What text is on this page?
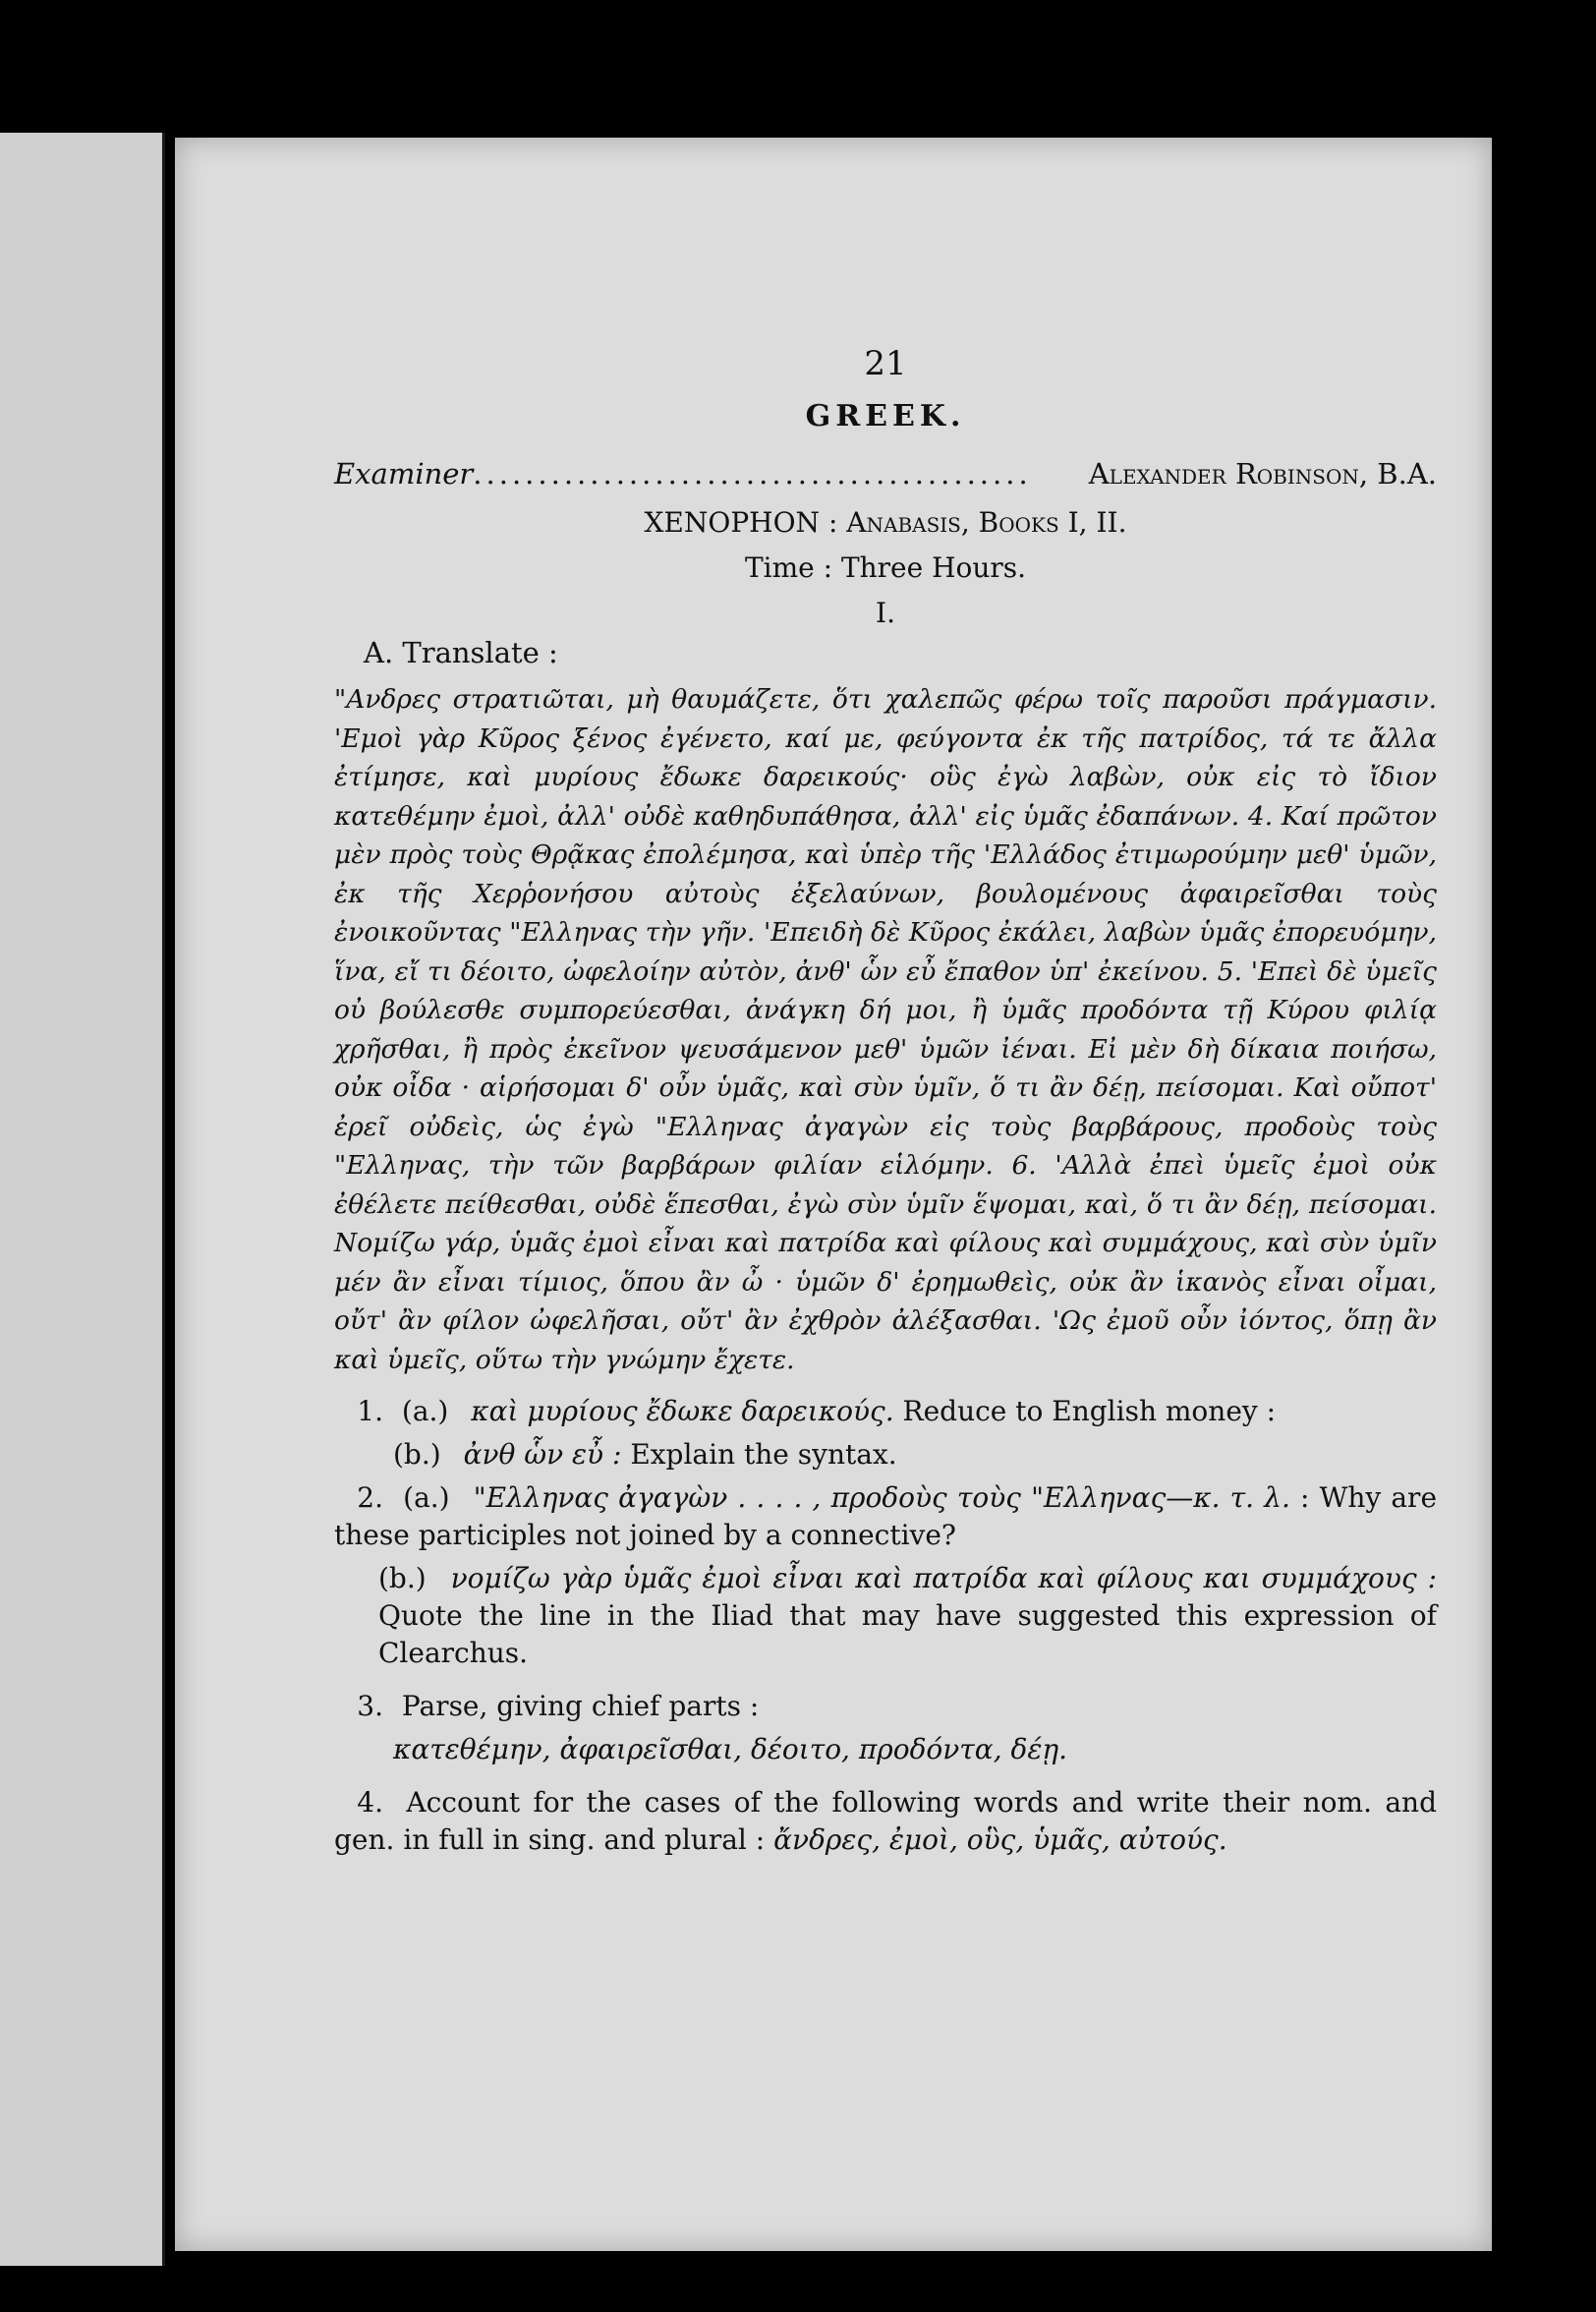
21
GREEK.
Examiner ...........................................	Alexander Robinson, B.A.
XENOPHON : Anabasis, Books I, II.
Time : Three Hours.
I.
A. Translate :
"Ανδρες στρατιῶται, μὴ θαυμάζετε, ὅτι χαλεπῶς φέρω τοῖς παροῦσι πράγμασιν. 'Εμοὶ γὰρ Κῦρος ξένος ἐγένετο, καί με, φεύγοντα ἐκ τῆς πατρίδος, τά τε ἄλλα ἐτίμησε, καὶ μυρίους ἔδωκε δαρεικούς· οὓς ἐγὼ λαβὼν, οὐκ εἰς τὸ ἴδιον κατεθέμην ἐμοὶ, ἀλλ' οὐδὲ καθηδυπάθησα, ἀλλ' εἰς ὑμᾶς ἐδαπάνων. 4. Καί πρῶτον μὲν πρὸς τοὺς Θρᾷκας ἐπολέμησα, καὶ ὑπὲρ τῆς 'Ελλάδος ἐτιμωρούμην μεθ' ὑμῶν, ἐκ τῆς Χερῥονήσου αὐτοὺς ἐξελαύνων, βουλομένους ἀφαιρεῖσθαι τοὺς ἐνοικοῦντας "Ελληνας τὴν γῆν. 'Επειδὴ δὲ Κῦρος ἐκάλει, λαβὼν ὑμᾶς ἐπορευόμην, ἵνα, εἴ τι δέοιτο, ὠφελοίην αὐτὸν, ἀνθ' ὧν εὖ ἔπαθον ὑπ' ἐκείνου. 5. 'Επεὶ δὲ ὑμεῖς οὐ βούλεσθε συμπορεύεσθαι, ἀνάγκη δή μοι, ἢ ὑμᾶς προδόντα τῇ Κύρου φιλίᾳ χρῆσθαι, ἢ πρὸς ἐκεῖνον ψευσάμενον μεθ' ὑμῶν ἰέναι. Εἰ μὲν δὴ δίκαια ποιήσω, οὐκ οἶδα · αἱρήσομαι δ' οὖν ὑμᾶς, καὶ σὺν ὑμῖν, ὅ τι ἂν δέῃ, πείσομαι. Καὶ οὔποτ' ἐρεῖ οὐδεὶς, ὡς ἐγὼ "Ελληνας ἀγαγὼν εἰς τοὺς βαρβάρους, προδοὺς τοὺς "Ελληνας, τὴν τῶν βαρβάρων φιλίαν εἱλόμην. 6. 'Αλλὰ ἐπεὶ ὑμεῖς ἐμοὶ οὐκ ἐθέλετε πείθεσθαι, οὐδὲ ἕπεσθαι, ἐγὼ σὺν ὑμῖν ἕψομαι, καὶ, ὅ τι ἂν δέῃ, πείσομαι. Νομίζω γάρ, ὑμᾶς ἐμοὶ εἶναι καὶ πατρίδα καὶ φίλους καὶ συμμάχους, καὶ σὺν ὑμῖν μέν ἂν εἶναι τίμιος, ὅπου ἂν ὦ · ὑμῶν δ' ἐρημωθεὶς, οὐκ ἂν ἱκανὸς εἶναι οἶμαι, οὔτ' ἂν φίλον ὠφελῆσαι, οὔτ' ἂν ἐχθρὸν ἀλέξασθαι. 'Ως ἐμοῦ οὖν ἰόντος, ὅπῃ ἂν καὶ ὑμεῖς, οὕτω τὴν γνώμην ἔχετε.
1. (a.) καὶ μυρίους ἔδωκε δαρεικούς. Reduce to English money :
(b.) ἀνθ ὧν εὖ : Explain the syntax.
2. (a.) "Ελληνας ἀγαγὼν . . . . , προδοὺς τοὺς "Ελληνας—κ. τ. λ. : Why are these participles not joined by a connective?
(b.) νομίζω γὰρ ὑμᾶς ἐμοὶ εἶναι καὶ πατρίδα καὶ φίλους και συμμάχους : Quote the line in the Iliad that may have suggested this expression of Clearchus.
3. Parse, giving chief parts :
κατεθέμην, ἀφαιρεῖσθαι, δέοιτο, προδόντα, δέῃ.
4. Account for the cases of the following words and write their nom. and gen. in full in sing. and plural : ἄνδρες, ἐμοὶ, οὓς, ὑμᾶς, αὐτούς.
